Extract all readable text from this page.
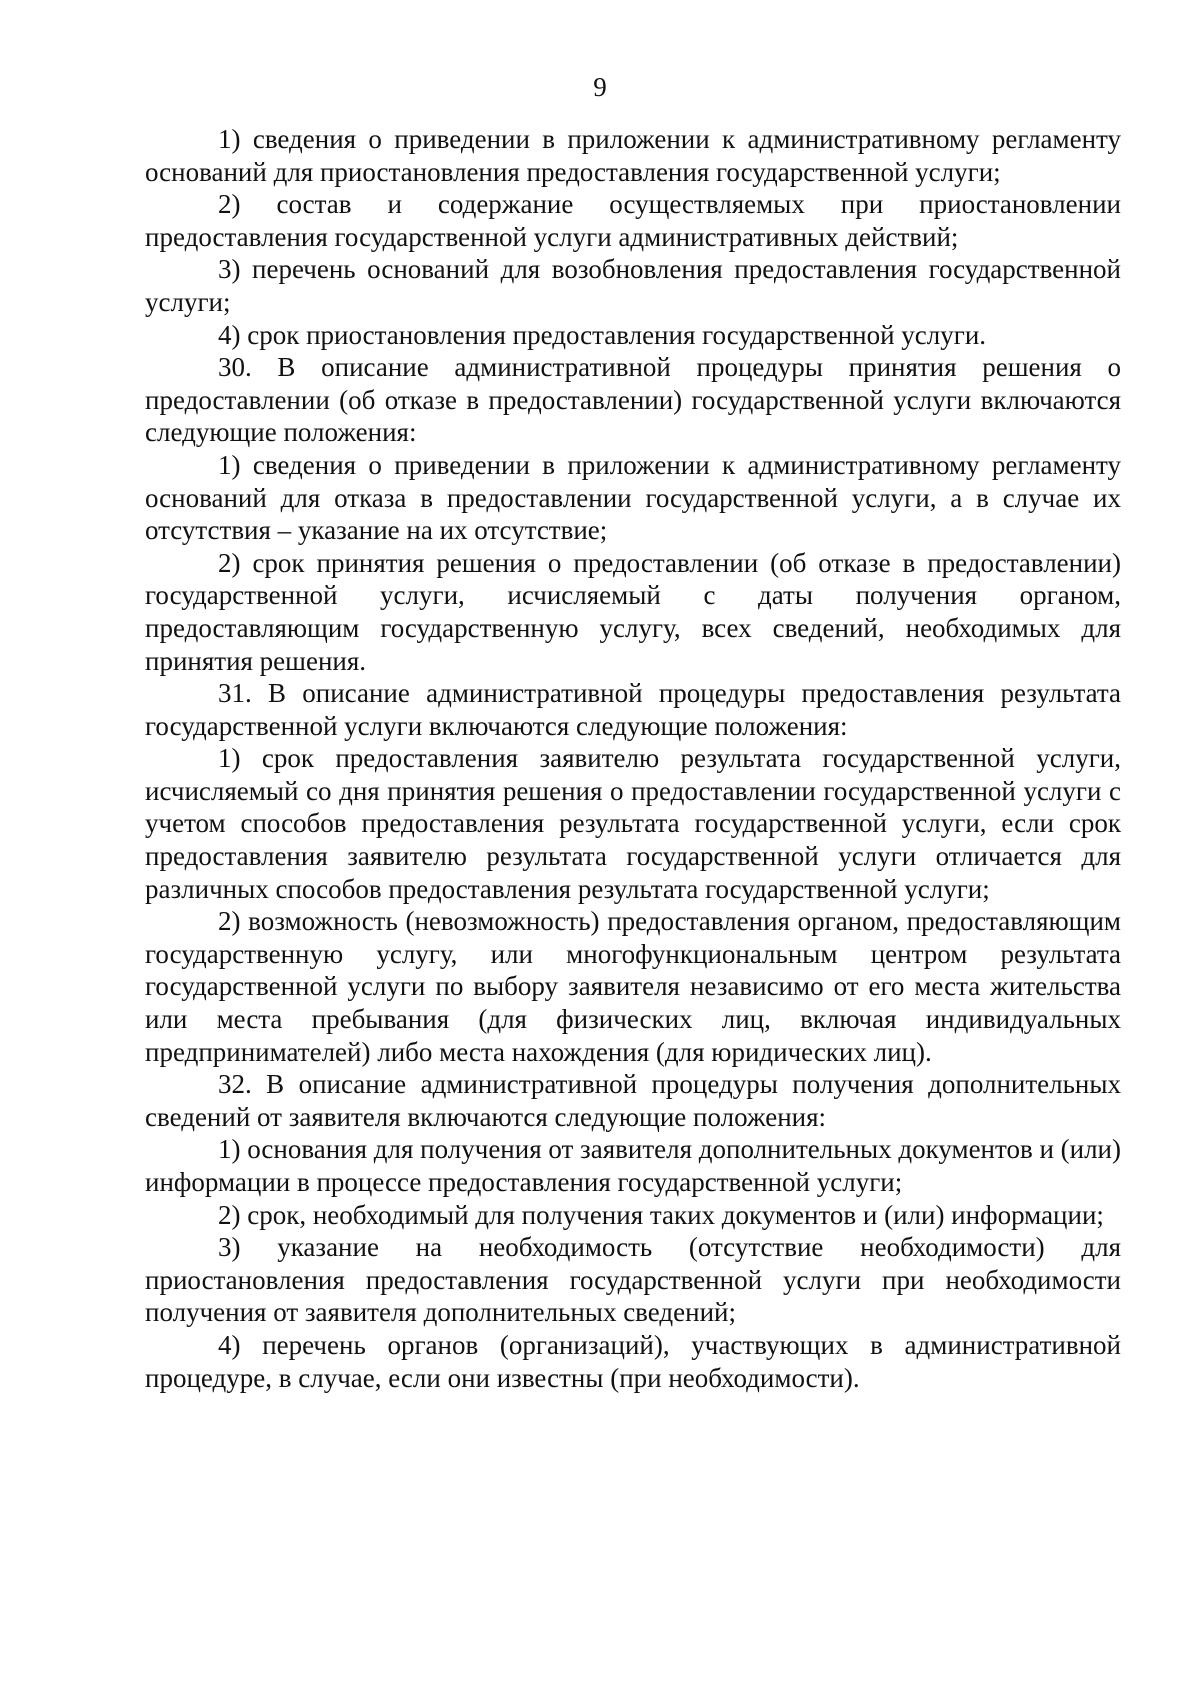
9

1) сведения о приведении в приложении к административному регламенту оснований для приостановления предоставления государственной услуги;

2) состав и содержание осуществляемых при приостановлении предоставления государственной услуги административных действий;

3) перечень оснований для возобновления предоставления государственной услуги;

4) срок приостановления предоставления государственной услуги.

30. В описание административной процедуры принятия решения о предоставлении (об отказе в предоставлении) государственной услуги включаются следующие положения:

1) сведения о приведении в приложении к административному регламенту оснований для отказа в предоставлении государственной услуги, а в случае их отсутствия – указание на их отсутствие;

2) срок принятия решения о предоставлении (об отказе в предоставлении) государственной услуги, исчисляемый с даты получения органом, предоставляющим государственную услугу, всех сведений, необходимых для принятия решения.

31. В описание административной процедуры предоставления результата государственной услуги включаются следующие положения:

1) срок предоставления заявителю результата государственной услуги, исчисляемый со дня принятия решения о предоставлении государственной услуги с учетом способов предоставления результата государственной услуги, если срок предоставления заявителю результата государственной услуги отличается для различных способов предоставления результата государственной услуги;

2) возможность (невозможность) предоставления органом, предоставляющим государственную услугу, или многофункциональным центром результата государственной услуги по выбору заявителя независимо от его места жительства или места пребывания (для физических лиц, включая индивидуальных предпринимателей) либо места нахождения (для юридических лиц).

32. В описание административной процедуры получения дополнительных сведений от заявителя включаются следующие положения:

1) основания для получения от заявителя дополнительных документов и (или) информации в процессе предоставления государственной услуги;

2) срок, необходимый для получения таких документов и (или) информации;

3) указание на необходимость (отсутствие необходимости) для приостановления предоставления государственной услуги при необходимости получения от заявителя дополнительных сведений;

4) перечень органов (организаций), участвующих в административной процедуре, в случае, если они известны (при необходимости).
